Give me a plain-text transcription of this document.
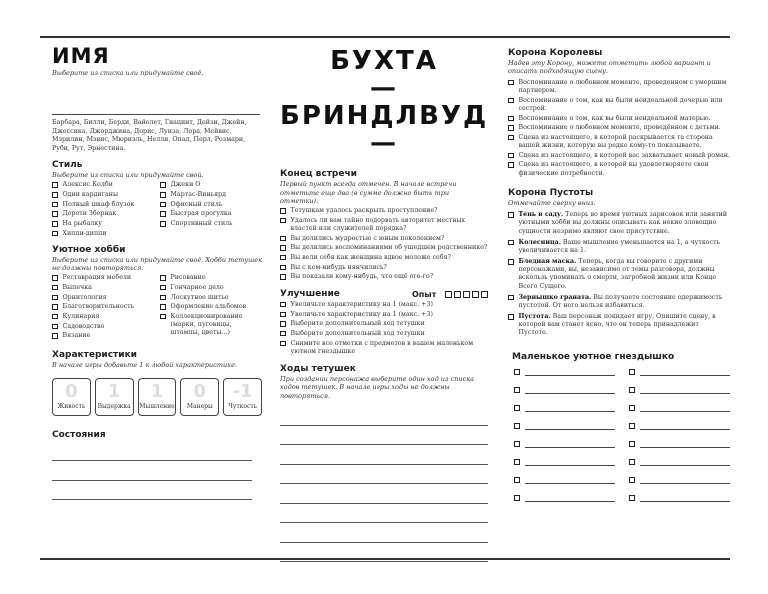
ИМЯ
Выберите из списка или придумайте своё.
Барбара, Билли, Берди, Вайолет, Гиацинт, Дейзи, Джейн, Джессика, Джорджина, Дорис, Луиза, Лора, Мейвис, Мэрилин, Мэвис, Мюриэль, Нелли, Опал, Перл, Розмари, Руби, Рут, Эрнестина.
Стиль
Выберите из списка или придумайте свой.
Алексис Колби
Одни кардиганы
Полный шкаф блузок
Дороти Зборнак
На рыбалку
Хиппи-диппи
Джеки О
Мартас-Виньярд
Офисный стиль
Быстрая прогулка
Спортивный стиль
Уютное хобби
Выберите из списка или придумайте своё. Хобби тетушек не должны повторяться.
Реставрация мебели
Выпечка
Орнитология
Благотворительность
Кулинария
Садоводство
Вязание
Рисование
Гончарное дело
Лоскутное шитье
Оформление альбомов
Коллекционирование (марки, пуговицы, штампы, цветы...)
Характеристики
В начале игры добавьте 1 к любой характеристике.
0
Живость
1
Выдержка
1
Мышление
0
Манеры
-1
Чуткость
Состояния
БУХТА
—БРИНДЛВУД—
Конец встречи
Первый пункт всегда отмечен. В начале встречи отметьте еще два (в сумме должно быть три отметки).
Тетушкам удалось раскрыть преступление?
Удалось ли вам тайно подорвать авторитет местных властей или служителей порядка?
Вы делились мудростью с юным поколением?
Вы делились воспоминаниями об ушедшем родственнике?
Вы вели себя как женщина вдвое моложе себя?
Вы с кем-нибудь нянчились?
Вы показали кому-нибудь, что ещё ого-го?
Улучшение	Опыт
Увеличьте характеристику на 1 (макс. +3)
Увеличьте характеристику на 1 (макс. +3)
Выберите дополнительный ход тетушки
Выберите дополнительный ход тетушки
Снимите все отметки с предметов в вашем маленьком уютном гнездышке
Ходы тетушек
При создании персонажа выберите один ход из списка ходов тетушек. В начале игры ходы не должны повторяться.
Корона Королевы
Надев эту Корону, можете отметить любой вариант и описать подходящую сцену.
Воспоминание о любовном моменте, проведенном с умершим партнером.
Воспоминание о том, как вы были неидеальной дочерью или сестрой.
Воспоминание о том, как вы были неидеальной матерью.
Воспоминание о любовном моменте, проведённом с детьми.
Сцена из настоящего, в которой раскрывается та сторона вашей жизни, которую вы редко кому-то показываете.
Сцена из настоящего, в которой вас захватывает новый роман.
Сцена из настоящего, в которой вы удовлетворяете свои физические потребности.
Корона Пустоты
Отмечайте сверху вниз.
Тень в саду. Теперь во время уютных зарисовок или занятий уютными хобби вы должны описывать как некие зловещие сущности незримо являют свое присутствие.
Колесница. Ваше мышление уменьшается на 1, а чуткость увеличивается на 1.
Бледная маска. Теперь, когда вы говорите с другими персонажами, вы, независимо от темы разговора, должны вскользь упоминать о смерти, загробной жизни или Конце Всего Сущего.
Зернышко граната. Вы получаете состояние одержимость пустотой. От него нельзя избавиться.
Пустота. Ваш персонаж покидает игру. Опишите сцену, в которой вам станет ясно, что он теперь принадлежит Пустоте.
Маленькое уютное гнездышко
